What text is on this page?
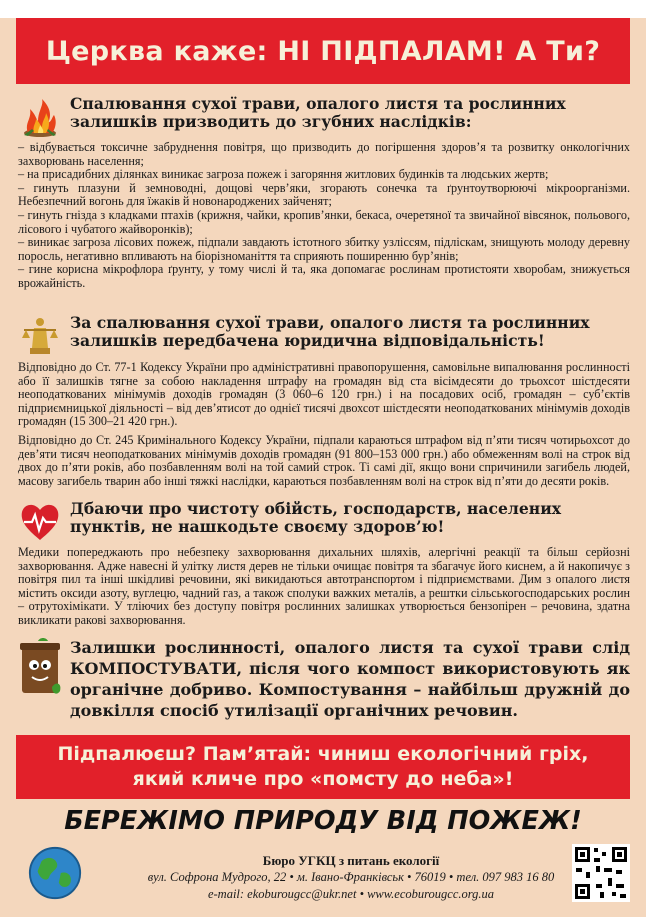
Церква каже: НІ ПІДПАЛАМ! А Ти?
Спалювання сухої трави, опалого листя та рослинних
залишків призводить до згубних наслідків:

– відбувається токсичне забруднення повітря, що призводить до погіршення здоров’я та розвитку онкологічних захворювань населення;

– на присадибних ділянках виникає загроза пожеж і загоряння житлових будинків та людських жертв;

– гинуть плазуни й земноводні, дощові черв’яки, згорають сонечка та ґрунтоутворюючі мікроорганізми. Небезпечний вогонь для їжаків й новонароджених зайченят;

– гинуть гнізда з кладками птахів (крижня, чайки, кропив’янки, бекаса, очеретяної та звичайної вівсянок, польового, лісового і чубатого жайворонків);

– виникає загроза лісових пожеж, підпали завдають істотного збитку узліссям, підліскам, знищують молоду деревну поросль, негативно впливають на біорізноманіття та сприяють поширенню бур’янів;

– гине корисна мікрофлора ґрунту, у тому числі й та, яка допомагає рослинам протистояти хворобам, знижується врожайність.

За спалювання сухої трави, опалого листя та рослинних
залишків передбачена юридична відповідальність!

Відповідно до Ст. 77-1 Кодексу України про адміністративні правопорушення, самовільне випалювання рослинності або її залишків тягне за собою накладення штрафу на громадян від ста вісімдесяти до трьохсот шістдесяти неоподаткованих мінімумів доходів громадян (3 060–6 120 грн.) і на посадових осіб, громадян – суб’єктів підприємницької діяльності – від дев’ятисот до однієї тисячі двохсот шістдесяти неоподаткованих мінімумів доходів громадян (15 300–21 420 грн.).

Відповідно до Ст. 245 Кримінального Кодексу України, підпали караються штрафом від п’яти тисяч чотирьохсот до дев’яти тисяч неоподаткованих мінімумів доходів громадян (91 800–153 000 грн.) або обмеженням волі на строк від двох до п’яти років, або позбавленням волі на той самий строк. Ті самі дії, якщо вони спричинили загибель людей, масову загибель тварин або інші тяжкі наслідки, караються позбавленням волі на строк від п’яти до десяти років.

Дбаючи про чистоту обійсть, господарств, населених
пунктів, не нашкодьте своєму здоров’ю!

Медики попереджають про небезпеку захворювання дихальних шляхів, алергічні реакції та більш серйозні захворювання. Адже навесні й улітку листя дерев не тільки очищає повітря та збагачує його киснем, а й накопичує з повітря пил та інші шкідливі речовини, які викидаються автотранспортом і підприємствами. Дим з опалого листя містить оксиди азоту, вуглецю, чадний газ, а також сполуки важких металів, а рештки сільськогосподарських рослин – отрутохімікати. У тліючих без доступу повітря рослинних залишках утворюється бензопірен – речовина, здатна викликати ракові захворювання.

Залишки рослинності, опалого листя та сухої трави слід КОМПОСТУВАТИ, після чого компост використовують як органічне добриво. Компостування – найбільш дружній до довкілля спосіб утилізації органічних речовин.
Підпалюєш? Пам’ятай: чиниш екологічний гріх,
який кличе про «помсту до неба»!
БЕРЕЖІМО ПРИРОДУ ВІД ПОЖЕЖ!
Бюро УГКЦ з питань екології
вул. Софрона Мудрого, 22 • м. Івано-Франківськ • 76019 • тел. 097 983 16 80
e-mail: ekoburougcc@ukr.net • www.ecoburougcc.org.ua
